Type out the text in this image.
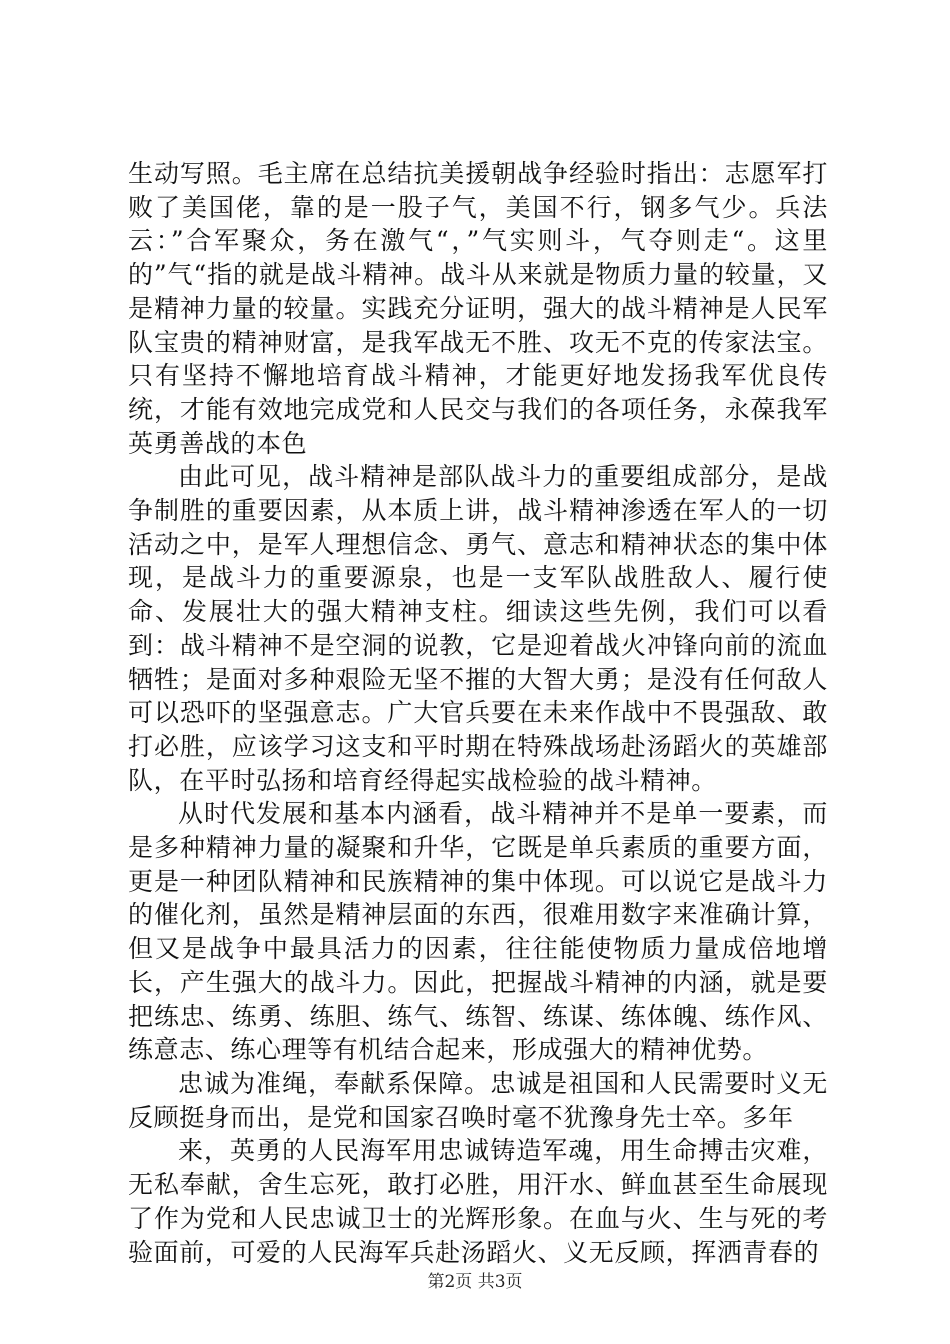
生动写照。毛主席在总结抗美援朝战争经验时指出：志愿军打败了美国佬，靠的是一股子气，美国不行，钢多气少。兵法云：”合军聚众，务在激气“，”气实则斗，气夺则走“。这里的”气“指的就是战斗精神。战斗从来就是物质力量的较量，又是精神力量的较量。实践充分证明，强大的战斗精神是人民军队宝贵的精神财富，是我军战无不胜、攻无不克的传家法宝。只有坚持不懈地培育战斗精神，才能更好地发扬我军优良传统，才能有效地完成党和人民交与我们的各项任务，永葆我军英勇善战的本色

由此可见，战斗精神是部队战斗力的重要组成部分，是战争制胜的重要因素，从本质上讲，战斗精神渗透在军人的一切活动之中，是军人理想信念、勇气、意志和精神状态的集中体现，是战斗力的重要源泉，也是一支军队战胜敌人、履行使命、发展壮大的强大精神支柱。细读这些先例，我们可以看到：战斗精神不是空洞的说教，它是迎着战火冲锋向前的流血牺牲；是面对多种艰险无坚不摧的大智大勇；是没有任何敌人可以恐吓的坚强意志。广大官兵要在未来作战中不畏强敌、敢打必胜，应该学习这支和平时期在特殊战场赴汤蹈火的英雄部队，在平时弘扬和培育经得起实战检验的战斗精神。

从时代发展和基本内涵看，战斗精神并不是单一要素，而是多种精神力量的凝聚和升华，它既是单兵素质的重要方面，更是一种团队精神和民族精神的集中体现。可以说它是战斗力的催化剂，虽然是精神层面的东西，很难用数字来准确计算，但又是战争中最具活力的因素，往往能使物质力量成倍地增长，产生强大的战斗力。因此，把握战斗精神的内涵，就是要把练忠、练勇、练胆、练气、练智、练谋、练体魄、练作风、练意志、练心理等有机结合起来，形成强大的精神优势。

忠诚为准绳，奉献系保障。忠诚是祖国和人民需要时义无反顾挺身而出，是党和国家召唤时毫不犹豫身先士卒。多年

来，英勇的人民海军用忠诚铸造军魂，用生命搏击灾难，无私奉献，舍生忘死，敢打必胜，用汗水、鲜血甚至生命展现了作为党和人民忠诚卫士的光辉形象。在血与火、生与死的考验面前，可爱的人民海军兵赴汤蹈火、义无反顾，挥洒青春的

第2页 共3页
